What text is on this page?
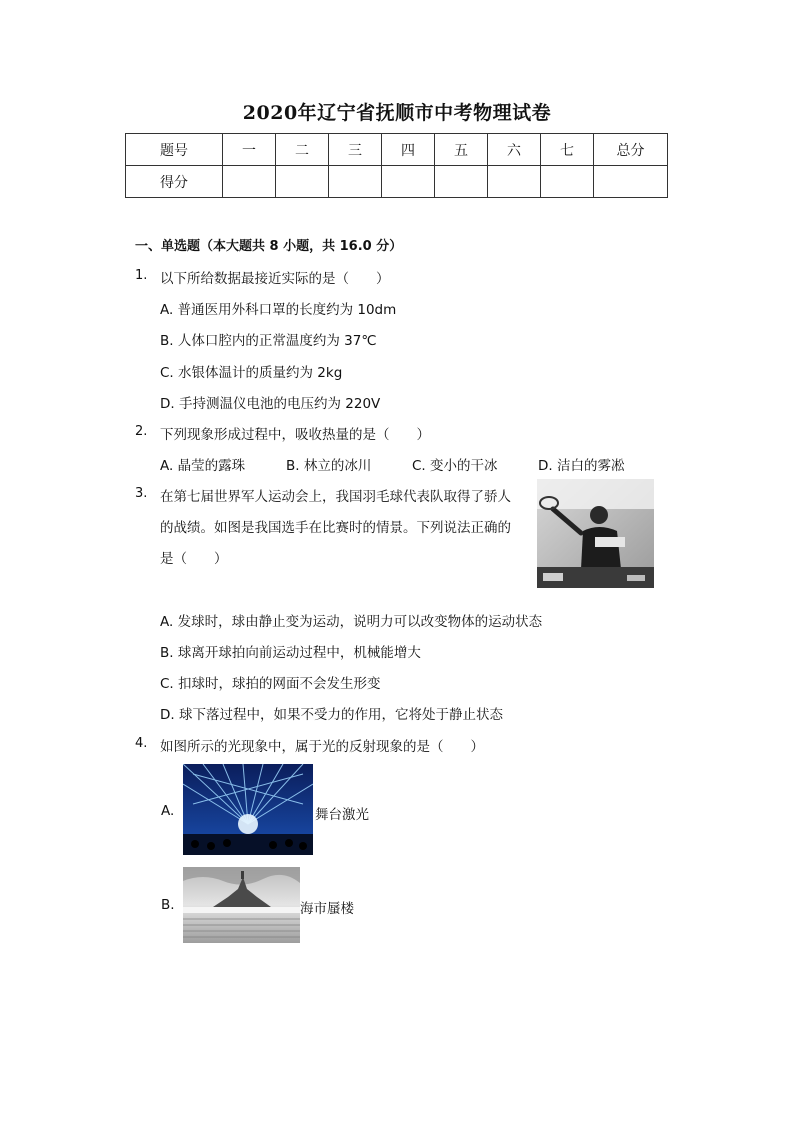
2020年辽宁省抚顺市中考物理试卷
题号	一	二	三	四	五	六	七	总分
得分								
一、单选题（本大题共 8 小题，共 16.0 分）
1. 以下所给数据最接近实际的是（　　）
A. 普通医用外科口罩的长度约为 10dm
B. 人体口腔内的正常温度约为 37℃
C. 水银体温计的质量约为 2kg
D. 手持测温仪电池的电压约为 220V
2. 下列现象形成过程中，吸收热量的是（　　）
A. 晶莹的露珠	B. 林立的冰川	C. 变小的干冰	D. 洁白的雾凇
3. 在第七届世界军人运动会上，我国羽毛球代表队取得了骄人
的战绩。如图是我国选手在比赛时的情景。下列说法正确的
是（　　）
A. 发球时，球由静止变为运动，说明力可以改变物体的运动状态
B. 球离开球拍向前运动过程中，机械能增大
C. 扣球时，球拍的网面不会发生形变
D. 球下落过程中，如果不受力的作用，它将处于静止状态
4. 如图所示的光现象中，属于光的反射现象的是（　　）
A.	舞台激光
B.	海市蜃楼
